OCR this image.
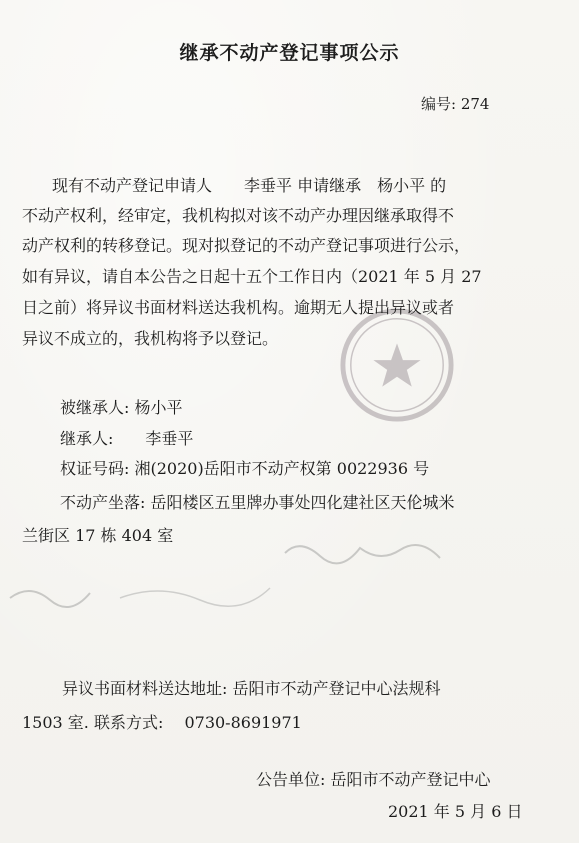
继承不动产登记事项公示
编号: 274
现有不动产登记申请人　　李垂平 申请继承　杨小平 的
不动产权利，经审定，我机构拟对该不动产办理因继承取得不
动产权利的转移登记。现对拟登记的不动产登记事项进行公示，
如有异议，请自本公告之日起十五个工作日内（2021 年 5 月 27
日之前）将异议书面材料送达我机构。逾期无人提出异议或者
异议不成立的，我机构将予以登记。
被继承人: 杨小平
继承人:　　李垂平
权证号码: 湘(2020)岳阳市不动产权第 0022936 号
不动产坐落: 岳阳楼区五里牌办事处四化建社区天伦城米
兰街区 17 栋 404 室
异议书面材料送达地址: 岳阳市不动产登记中心法规科
1503 室. 联系方式: 　0730-8691971
公告单位: 岳阳市不动产登记中心
2021 年 5 月 6 日
